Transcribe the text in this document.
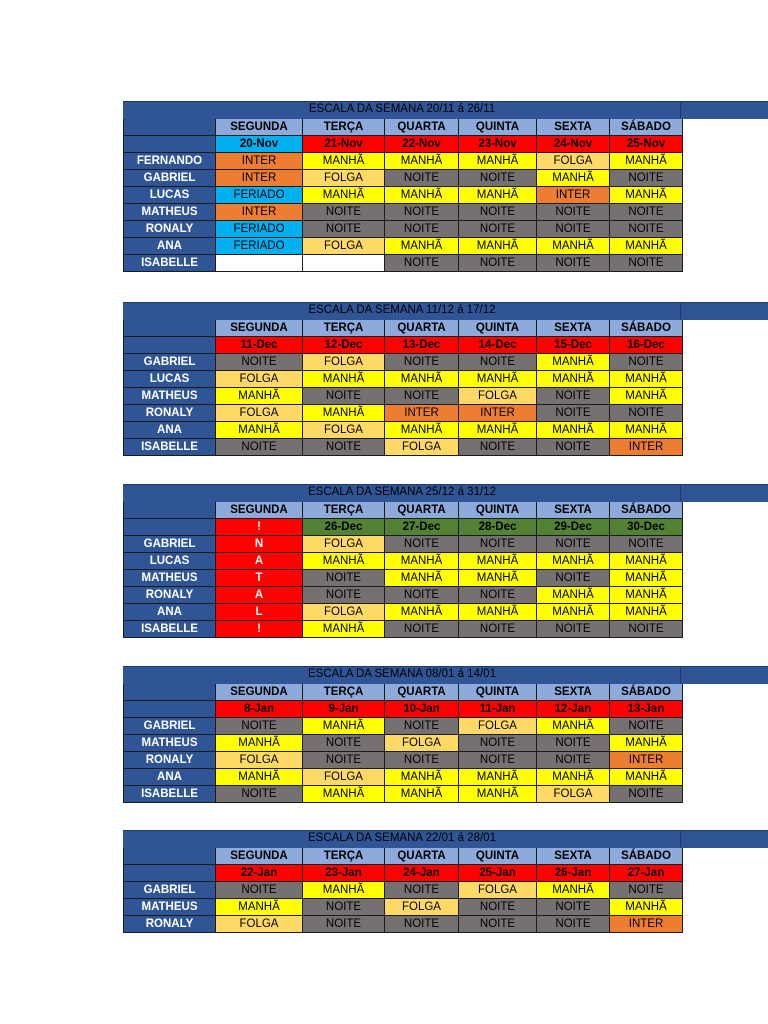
ESCALA DA SEMANA 20/11 á 26/11
	SEGUNDA	TERÇA	QUARTA	QUINTA	SEXTA	SÁBADO
	20-Nov	21-Nov	22-Nov	23-Nov	24-Nov	25-Nov
FERNANDO	INTER	MANHÃ	MANHÃ	MANHÃ	FOLGA	MANHÃ
GABRIEL	INTER	FOLGA	NOITE	NOITE	MANHÃ	NOITE
LUCAS	FERIADO	MANHÃ	MANHÃ	MANHÃ	INTER	MANHÃ
MATHEUS	INTER	NOITE	NOITE	NOITE	NOITE	NOITE
RONALY	FERIADO	NOITE	NOITE	NOITE	NOITE	NOITE
ANA	FERIADO	FOLGA	MANHÃ	MANHÃ	MANHÃ	MANHÃ
ISABELLE			NOITE	NOITE	NOITE	NOITE
ESCALA DA SEMANA 11/12 á 17/12
	SEGUNDA	TERÇA	QUARTA	QUINTA	SEXTA	SÁBADO
	11-Dec	12-Dec	13-Dec	14-Dec	15-Dec	16-Dec
GABRIEL	NOITE	FOLGA	NOITE	NOITE	MANHÃ	NOITE
LUCAS	FOLGA	MANHÃ	MANHÃ	MANHÃ	MANHÃ	MANHÃ
MATHEUS	MANHÃ	NOITE	NOITE	FOLGA	NOITE	MANHÃ
RONALY	FOLGA	MANHÃ	INTER	INTER	NOITE	NOITE
ANA	MANHÃ	FOLGA	MANHÃ	MANHÃ	MANHÃ	MANHÃ
ISABELLE	NOITE	NOITE	FOLGA	NOITE	NOITE	INTER
ESCALA DA SEMANA 25/12 á 31/12
	SEGUNDA	TERÇA	QUARTA	QUINTA	SEXTA	SÁBADO
	!	26-Dec	27-Dec	28-Dec	29-Dec	30-Dec
GABRIEL	N	FOLGA	NOITE	NOITE	NOITE	NOITE
LUCAS	A	MANHÃ	MANHÃ	MANHÃ	MANHÃ	MANHÃ
MATHEUS	T	NOITE	MANHÃ	MANHÃ	NOITE	MANHÃ
RONALY	A	NOITE	NOITE	NOITE	MANHÃ	MANHÃ
ANA	L	FOLGA	MANHÃ	MANHÃ	MANHÃ	MANHÃ
ISABELLE	!	MANHÃ	NOITE	NOITE	NOITE	NOITE
ESCALA DA SEMANA 08/01 á 14/01
	SEGUNDA	TERÇA	QUARTA	QUINTA	SEXTA	SÁBADO
	8-Jan	9-Jan	10-Jan	11-Jan	12-Jan	13-Jan
GABRIEL	NOITE	MANHÃ	NOITE	FOLGA	MANHÃ	NOITE
MATHEUS	MANHÃ	NOITE	FOLGA	NOITE	NOITE	MANHÃ
RONALY	FOLGA	NOITE	NOITE	NOITE	NOITE	INTER
ANA	MANHÃ	FOLGA	MANHÃ	MANHÃ	MANHÃ	MANHÃ
ISABELLE	NOITE	MANHÃ	MANHÃ	MANHÃ	FOLGA	NOITE
ESCALA DA SEMANA 22/01 á 28/01
	SEGUNDA	TERÇA	QUARTA	QUINTA	SEXTA	SÁBADO
	22-Jan	23-Jan	24-Jan	25-Jan	26-Jan	27-Jan
GABRIEL	NOITE	MANHÃ	NOITE	FOLGA	MANHÃ	NOITE
MATHEUS	MANHÃ	NOITE	FOLGA	NOITE	NOITE	MANHÃ
RONALY	FOLGA	NOITE	NOITE	NOITE	NOITE	INTER
